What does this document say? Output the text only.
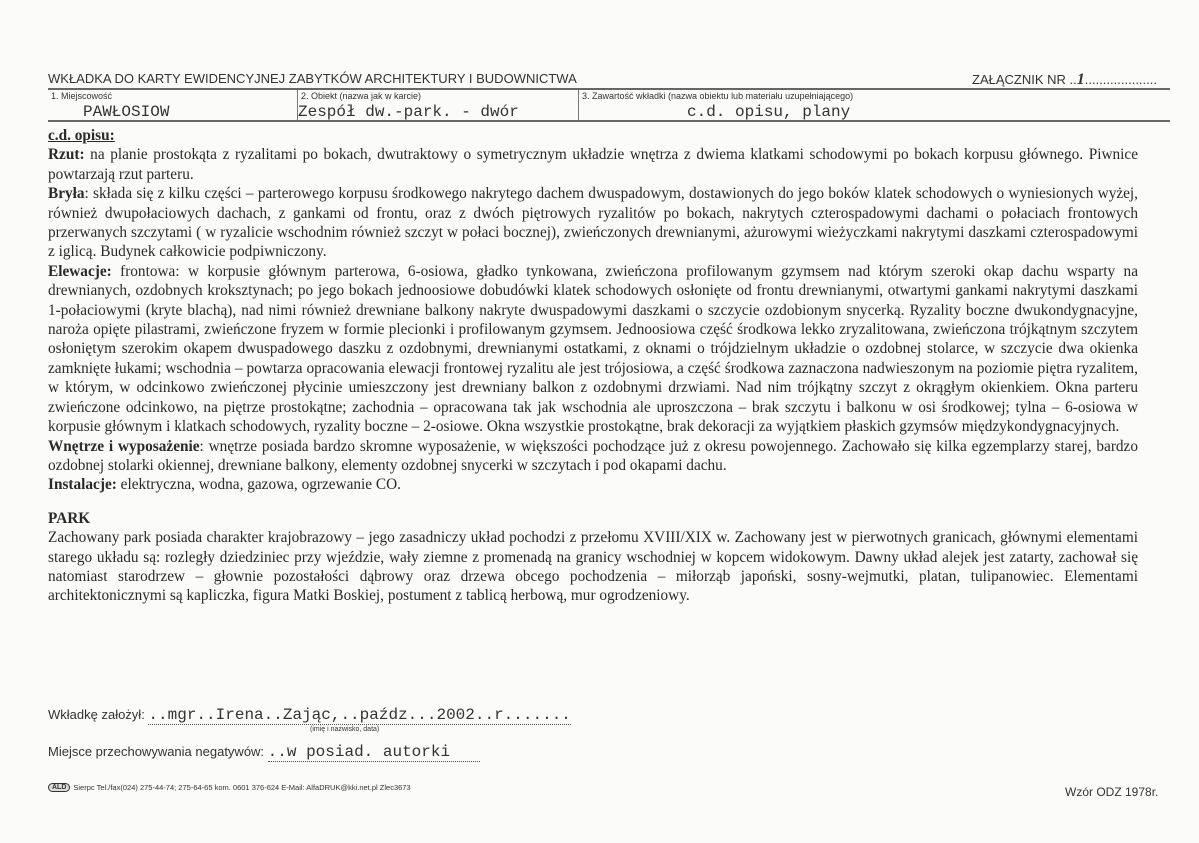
WKŁADKA DO KARTY EWIDENCYJNEJ ZABYTKÓW ARCHITEKTURY I BUDOWNICTWA	ZAŁĄCZNIK NR ..1....................
1. Miejscowość
PAWŁOSIOW
2. Obiekt (nazwa jak w karcie)
Zespół dw.-park. - dwór
3. Zawartość wkładki (nazwa obiektu lub materiału uzupełniającego)
c.d. opisu, plany

c.d. opisu:

Rzut: na planie prostokąta z ryzalitami po bokach, dwutraktowy o symetrycznym układzie wnętrza z dwiema klatkami schodowymi po bokach korpusu głównego. Piwnice powtarzają rzut parteru.

Bryła: składa się z kilku części – parterowego korpusu środkowego nakrytego dachem dwuspadowym, dostawionych do jego boków klatek schodowych o wyniesionych wyżej, również dwupołaciowych dachach, z gankami od frontu, oraz z dwóch piętrowych ryzalitów po bokach, nakrytych czterospadowymi dachami o połaciach frontowych przerwanych szczytami ( w ryzalicie wschodnim również szczyt w połaci bocznej), zwieńczonych drewnianymi, ażurowymi wieżyczkami nakrytymi daszkami czterospadowymi z iglicą. Budynek całkowicie podpiwniczony.

Elewacje: frontowa: w korpusie głównym parterowa, 6-osiowa, gładko tynkowana, zwieńczona profilowanym gzymsem nad którym szeroki okap dachu wsparty na drewnianych, ozdobnych kroksztynach; po jego bokach jednoosiowe dobudówki klatek schodowych osłonięte od frontu drewnianymi, otwartymi gankami nakrytymi daszkami 1-połaciowymi (kryte blachą), nad nimi również drewniane balkony nakryte dwuspadowymi daszkami o szczycie ozdobionym snycerką. Ryzality boczne dwukondygnacyjne, naroża opięte pilastrami, zwieńczone fryzem w formie plecionki i profilowanym gzymsem. Jednoosiowa część środkowa lekko zryzalitowana, zwieńczona trójkątnym szczytem osłoniętym szerokim okapem dwuspadowego daszku z ozdobnymi, drewnianymi ostatkami, z oknami o trójdzielnym układzie o ozdobnej stolarce, w szczycie dwa okienka zamknięte łukami; wschodnia – powtarza opracowania elewacji frontowej ryzalitu ale jest trójosiowa, a część środkowa zaznaczona nadwieszonym na poziomie piętra ryzalitem, w którym, w odcinkowo zwieńczonej płycinie umieszczony jest drewniany balkon z ozdobnymi drzwiami. Nad nim trójkątny szczyt z okrągłym okienkiem. Okna parteru zwieńczone odcinkowo, na piętrze prostokątne; zachodnia – opracowana tak jak wschodnia ale uproszczona – brak szczytu i balkonu w osi środkowej; tylna – 6-osiowa w korpusie głównym i klatkach schodowych, ryzality boczne – 2-osiowe. Okna wszystkie prostokątne, brak dekoracji za wyjątkiem płaskich gzymsów międzykondygnacyjnych.

Wnętrze i wyposażenie: wnętrze posiada bardzo skromne wyposażenie, w większości pochodzące już z okresu powojennego. Zachowało się kilka egzemplarzy starej, bardzo ozdobnej stolarki okiennej, drewniane balkony, elementy ozdobnej snycerki w szczytach i pod okapami dachu.

Instalacje: elektryczna, wodna, gazowa, ogrzewanie CO.

PARK

Zachowany park posiada charakter krajobrazowy – jego zasadniczy układ pochodzi z przełomu XVIII/XIX w. Zachowany jest w pierwotnych granicach, głównymi elementami starego układu są: rozległy dziedziniec przy wjeździe, wały ziemne z promenadą na granicy wschodniej w kopcem widokowym. Dawny układ alejek jest zatarty, zachował się natomiast starodrzew – głownie pozostałości dąbrowy oraz drzewa obcego pochodzenia – miłorząb japoński, sosny-wejmutki, platan, tulipanowiec. Elementami architektonicznymi są kapliczka, figura Matki Boskiej, postument z tablicą herbową, mur ogrodzeniowy.

Wkładkę założył: ..mgr..Irena..Zając,..paźdz...2002..r.......
(imię i nazwisko, data)
Miejsce przechowywania negatywów: ..w posiad. autorki
ALD Sierpc Tel./fax(024) 275-44-74; 275-64-65 kom. 0601 376-624 E-Mail: AlfaDRUK@kki.net.pl Zlec3673	Wzór ODZ 1978r.
